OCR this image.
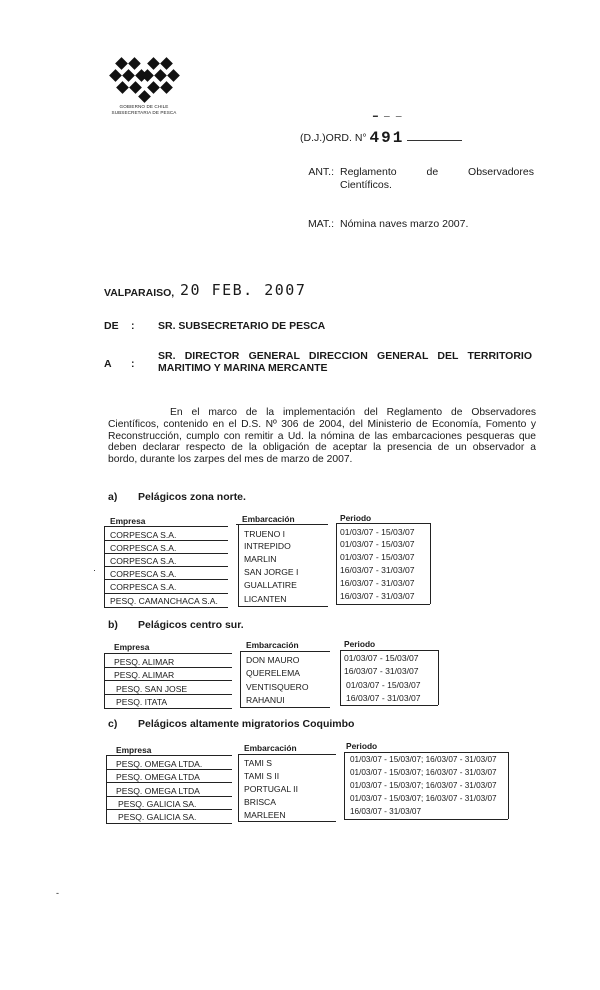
GOBIERNO DE CHILE
SUBSECRETARIA DE PESCA	━ ─ ─
(D.J.)ORD. N° 491
ANT.: Reglamento de Observadores
Científicos.
MAT.: Nómina naves marzo 2007.
VALPARAISO, 20 FEB. 2007
DE : SR. SUBSECRETARIO DE PESCA
A :
SR. DIRECTOR GENERAL DIRECCION GENERAL DEL TERRITORIO
MARITIMO Y MARINA MERCANTE
En el marco de la implementación del Reglamento de Observadores
Científicos, contenido en el D.S. Nº 306 de 2004, del Ministerio de Economía, Fomento y
Reconstrucción, cumplo con remitir a Ud. la nómina de las embarcaciones pesqueras que
deben declarar respecto de la obligación de aceptar la presencia de un observador a
bordo, durante los zarpes del mes de marzo de 2007.
a) Pelágicos zona norte.
Empresa	Embarcación	Periodo
CORPESCA S.A.	TRUENO I	01/03/07 - 15/03/07
CORPESCA S.A.	INTREPIDO	01/03/07 - 15/03/07
CORPESCA S.A.	MARLIN	01/03/07 - 15/03/07
CORPESCA S.A.	SAN JORGE I	16/03/07 - 31/03/07
CORPESCA S.A.	GUALLATIRE	16/03/07 - 31/03/07
PESQ. CAMANCHACA S.A.	LICANTEN	16/03/07 - 31/03/07
b) Pelágicos centro sur.
Empresa	Embarcación	Periodo
PESQ. ALIMAR	DON MAURO	01/03/07 - 15/03/07
PESQ. ALIMAR	QUERELEMA	16/03/07 - 31/03/07
PESQ. SAN JOSE	VENTISQUERO	01/03/07 - 15/03/07
PESQ. ITATA	RAHANUI	16/03/07 - 31/03/07
c) Pelágicos altamente migratorios Coquimbo
Empresa	Embarcación	Periodo
PESQ. OMEGA LTDA.	TAMI S	01/03/07 - 15/03/07; 16/03/07 - 31/03/07
PESQ. OMEGA LTDA	TAMI S II	01/03/07 - 15/03/07; 16/03/07 - 31/03/07
PESQ. OMEGA LTDA	PORTUGAL II	01/03/07 - 15/03/07; 16/03/07 - 31/03/07
PESQ. GALICIA SA.	BRISCA	01/03/07 - 15/03/07; 16/03/07 - 31/03/07
PESQ. GALICIA SA.	MARLEEN	16/03/07 - 31/03/07
-
·
